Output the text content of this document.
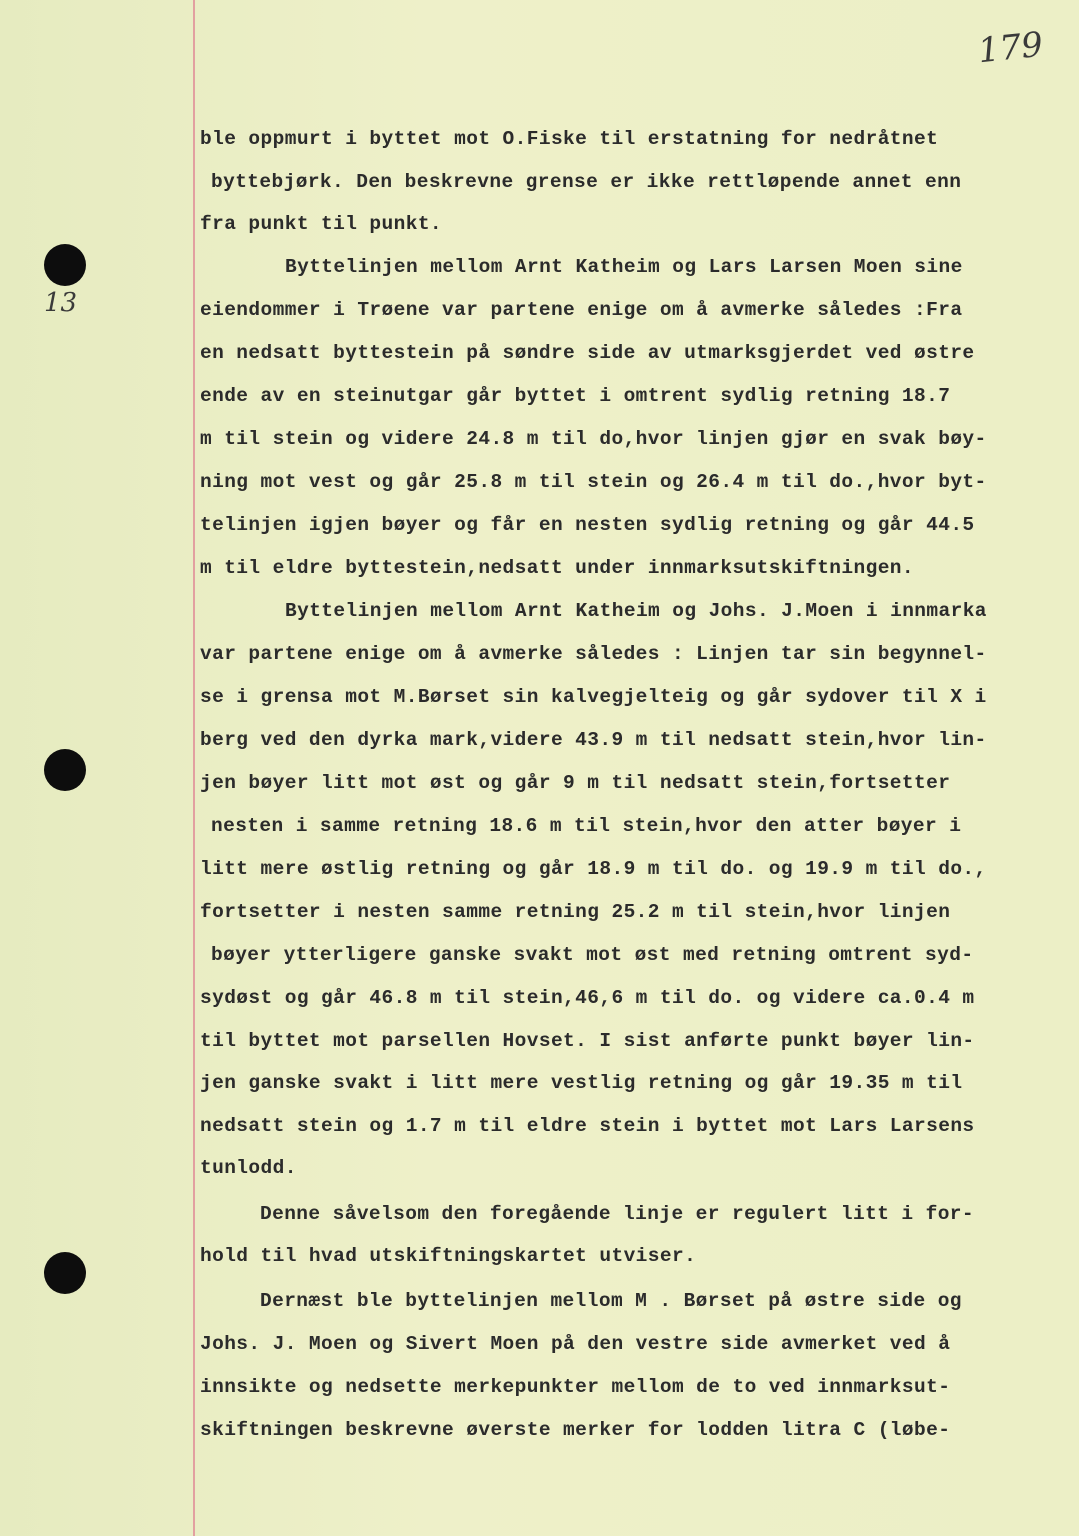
179
13
ble oppmurt i byttet mot O.Fiske til erstatning for nedråtnet
byttebjørk. Den beskrevne grense er ikke rettløpende annet enn
fra punkt til punkt.
Byttelinjen mellom Arnt Katheim og Lars Larsen Moen sine
eiendommer i Trøene var partene enige om å avmerke således :Fra
en nedsatt byttestein på søndre side av utmarksgjerdet ved østre
ende av en steinutgar går byttet i omtrent sydlig retning 18.7
m til stein og videre 24.8 m til do,hvor linjen gjør en svak bøy-
ning mot vest og går 25.8 m til stein og 26.4 m til do.,hvor byt-
telinjen igjen bøyer og får en nesten sydlig retning og går 44.5
m til eldre byttestein,nedsatt under innmarksutskiftningen.
Byttelinjen mellom Arnt Katheim og Johs. J.Moen i innmarka
var partene enige om å avmerke således : Linjen tar sin begynnel-
se i grensa mot M.Børset sin kalvegjelteig og går sydover til X i
berg ved den dyrka mark,videre 43.9 m til nedsatt stein,hvor lin-
jen bøyer litt mot øst og går 9 m til nedsatt stein,fortsetter
nesten i samme retning 18.6 m til stein,hvor den atter bøyer i
litt mere østlig retning og går 18.9 m til do. og 19.9 m til do.,
fortsetter i nesten samme retning 25.2 m til stein,hvor linjen
bøyer ytterligere ganske svakt mot øst med retning omtrent syd-
sydøst og går 46.8 m til stein,46,6 m til do. og videre ca.0.4 m
til byttet mot parsellen Hovset. I sist anførte punkt bøyer lin-
jen ganske svakt i litt mere vestlig retning og går 19.35 m til
nedsatt stein og 1.7 m til eldre stein i byttet mot Lars Larsens
tunlodd.
Denne såvelsom den foregående linje er regulert litt i for-
hold til hvad utskiftningskartet utviser.
Dernæst ble byttelinjen mellom M . Børset på østre side og
Johs. J. Moen og Sivert Moen på den vestre side avmerket ved å
innsikte og nedsette merkepunkter mellom de to ved innmarksut-
skiftningen beskrevne øverste merker for lodden litra C (løbe-
